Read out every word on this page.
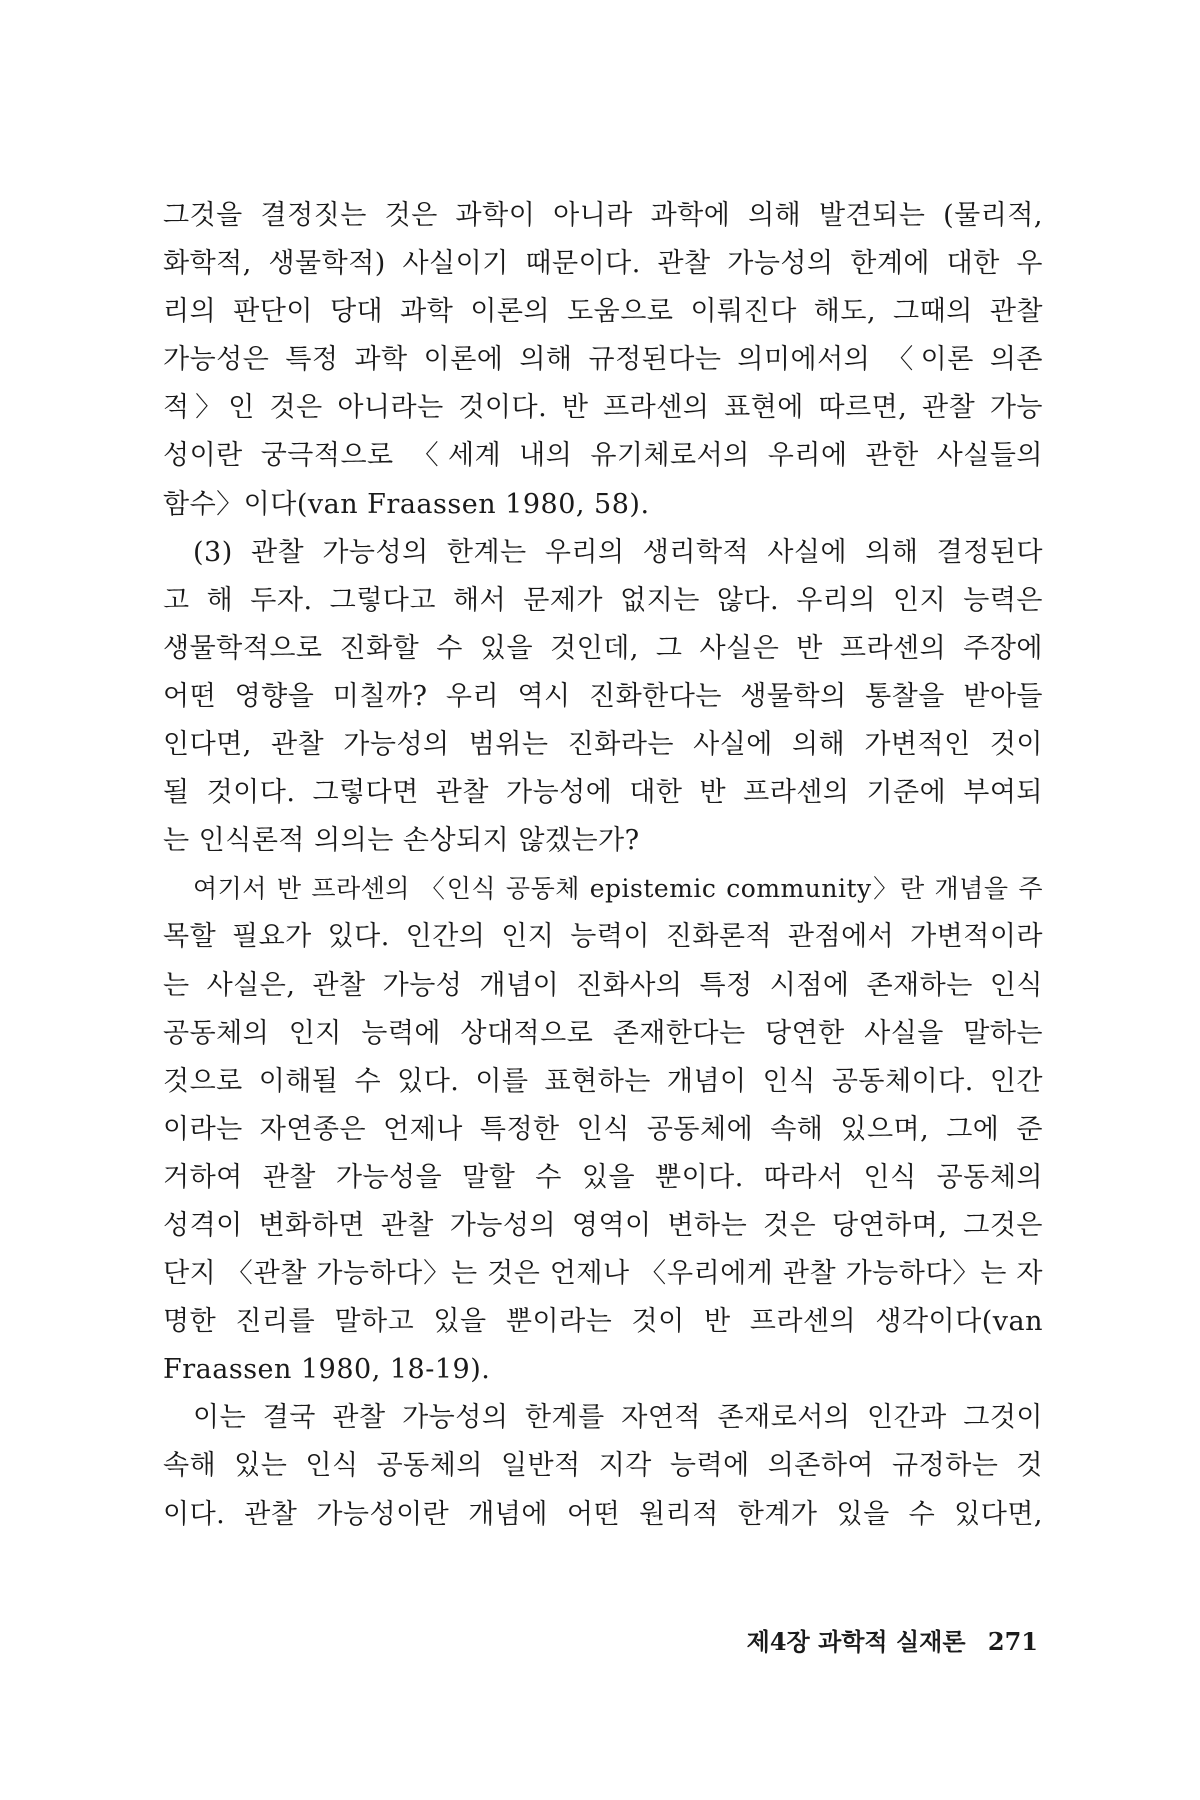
그것을 결정짓는 것은 과학이 아니라 과학에 의해 발견되는 (물리적,
화학적, 생물학적) 사실이기 때문이다. 관찰 가능성의 한계에 대한 우
리의 판단이 당대 과학 이론의 도움으로 이뤄진다 해도, 그때의 관찰
가능성은 특정 과학 이론에 의해 규정된다는 의미에서의 〈이론 의존
적〉인 것은 아니라는 것이다. 반 프라센의 표현에 따르면, 관찰 가능
성이란 궁극적으로 〈세계 내의 유기체로서의 우리에 관한 사실들의
함수〉이다(van Fraassen 1980, 58).
(3) 관찰 가능성의 한계는 우리의 생리학적 사실에 의해 결정된다
고 해 두자. 그렇다고 해서 문제가 없지는 않다. 우리의 인지 능력은
생물학적으로 진화할 수 있을 것인데, 그 사실은 반 프라센의 주장에
어떤 영향을 미칠까? 우리 역시 진화한다는 생물학의 통찰을 받아들
인다면, 관찰 가능성의 범위는 진화라는 사실에 의해 가변적인 것이
될 것이다. 그렇다면 관찰 가능성에 대한 반 프라센의 기준에 부여되
는 인식론적 의의는 손상되지 않겠는가?
여기서 반 프라센의 〈인식 공동체 epistemic community〉란 개념을 주
목할 필요가 있다. 인간의 인지 능력이 진화론적 관점에서 가변적이라
는 사실은, 관찰 가능성 개념이 진화사의 특정 시점에 존재하는 인식
공동체의 인지 능력에 상대적으로 존재한다는 당연한 사실을 말하는
것으로 이해될 수 있다. 이를 표현하는 개념이 인식 공동체이다. 인간
이라는 자연종은 언제나 특정한 인식 공동체에 속해 있으며, 그에 준
거하여 관찰 가능성을 말할 수 있을 뿐이다. 따라서 인식 공동체의
성격이 변화하면 관찰 가능성의 영역이 변하는 것은 당연하며, 그것은
단지 〈관찰 가능하다〉는 것은 언제나 〈우리에게 관찰 가능하다〉는 자
명한 진리를 말하고 있을 뿐이라는 것이 반 프라센의 생각이다(van
Fraassen 1980, 18-19).
이는 결국 관찰 가능성의 한계를 자연적 존재로서의 인간과 그것이
속해 있는 인식 공동체의 일반적 지각 능력에 의존하여 규정하는 것
이다. 관찰 가능성이란 개념에 어떤 원리적 한계가 있을 수 있다면,
제4장 과학적 실재론 271
